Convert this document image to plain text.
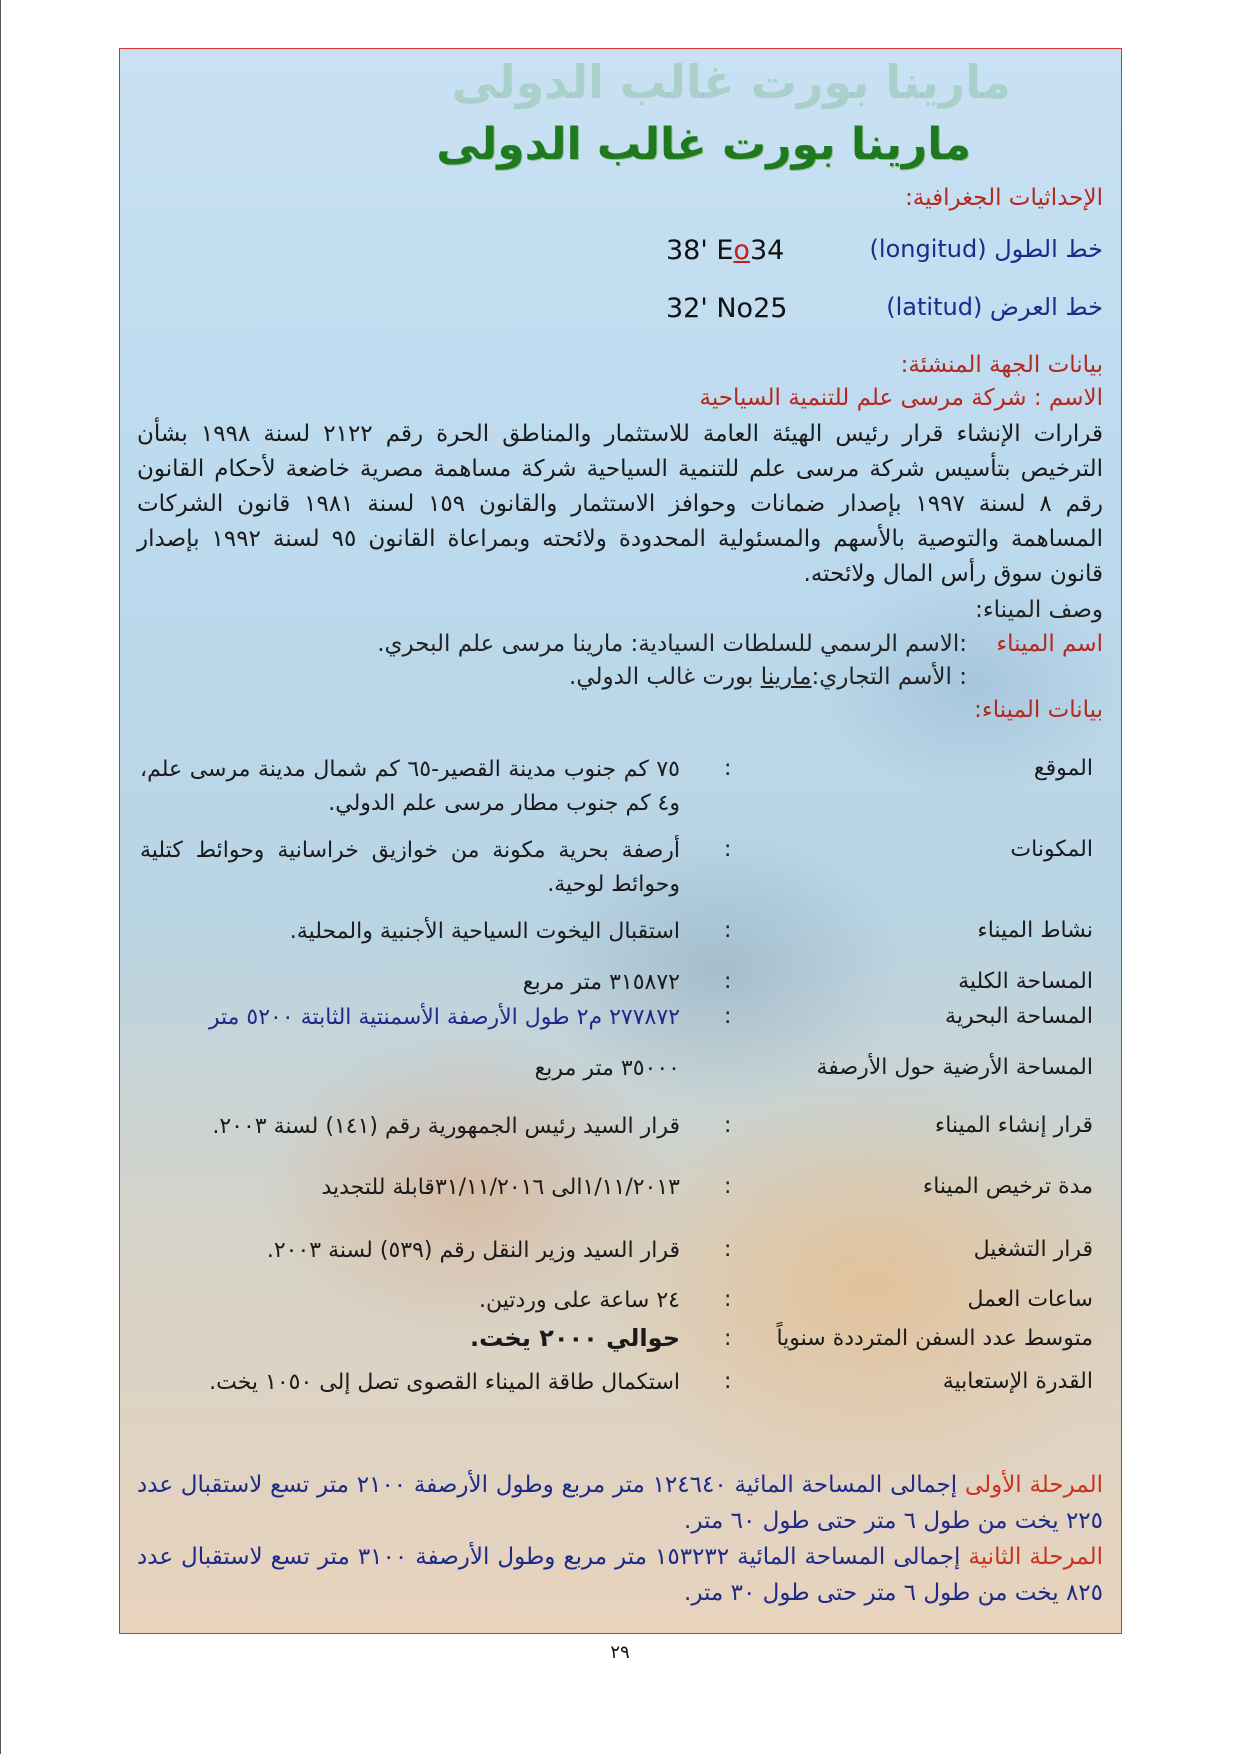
مارينا بورت غالب الدولى
مارينا بورت غالب الدولى
الإحداثيات الجغرافية:
خط الطول (longitud)
38' Eo34
خط العرض (latitud)
32' No25
بيانات الجهة المنشئة:
الاسم : شركة مرسى علم للتنمية السياحية
قرارات الإنشاء قرار رئيس الهيئة العامة للاستثمار والمناطق الحرة رقم ٢١٢٢ لسنة ١٩٩٨ بشأن الترخيص بتأسيس شركة مرسى علم للتنمية السياحية شركة مساهمة مصرية خاضعة لأحكام القانون رقم ٨ لسنة ١٩٩٧ بإصدار ضمانات وحوافز الاستثمار والقانون ١٥٩ لسنة ١٩٨١ قانون الشركات المساهمة والتوصية بالأسهم والمسئولية المحدودة ولائحته وبمراعاة القانون ٩٥ لسنة ١٩٩٢ بإصدار قانون سوق رأس المال ولائحته.
وصف الميناء:
اسم الميناء
:الاسم الرسمي للسلطات السيادية: مارينا مرسى علم البحري.
: الأسم التجاري:مارينا بورت غالب الدولي.
بيانات الميناء:
الموقع
:
٧٥ كم جنوب مدينة القصير-٦٥ كم شمال مدينة مرسى علم، و٤ كم جنوب مطار مرسى علم الدولي.
المكونات
:
أرصفة بحرية مكونة من خوازيق خراسانية وحوائط كتلية وحوائط لوحية.
نشاط الميناء
:
استقبال اليخوت السياحية الأجنبية والمحلية.
المساحة الكلية
:
٣١٥٨٧٢ متر مربع
المساحة البحرية
:
٢٧٧٨٧٢ م٢ طول الأرصفة الأسمنتية الثابتة ٥٢٠٠ متر
المساحة الأرضية حول الأرصفة
٣٥٠٠٠ متر مربع
قرار إنشاء الميناء
:
قرار السيد رئيس الجمهورية رقم (١٤١) لسنة ٢٠٠٣.
مدة ترخيص الميناء
:
١/١١/٢٠١٣الى ٣١/١١/٢٠١٦قابلة للتجديد
قرار التشغيل
:
قرار السيد وزير النقل رقم (٥٣٩) لسنة ٢٠٠٣.
ساعات العمل
:
٢٤ ساعة على وردتين.
متوسط عدد السفن المترددة سنوياً
:
حوالي ٢٠٠٠ يخت.
القدرة الإستعابية
:
استكمال طاقة الميناء القصوى تصل إلى ١٠٥٠ يخت.
المرحلة الأولى إجمالى المساحة المائية ١٢٤٦٤٠ متر مربع وطول الأرصفة ٢١٠٠ متر تسع لاستقبال عدد ٢٢٥ يخت من طول ٦ متر حتى طول ٦٠ متر.
المرحلة الثانية إجمالى المساحة المائية ١٥٣٢٣٢ متر مربع وطول الأرصفة ٣١٠٠ متر تسع لاستقبال عدد ٨٢٥ يخت من طول ٦ متر حتى طول ٣٠ متر.
٢٩
